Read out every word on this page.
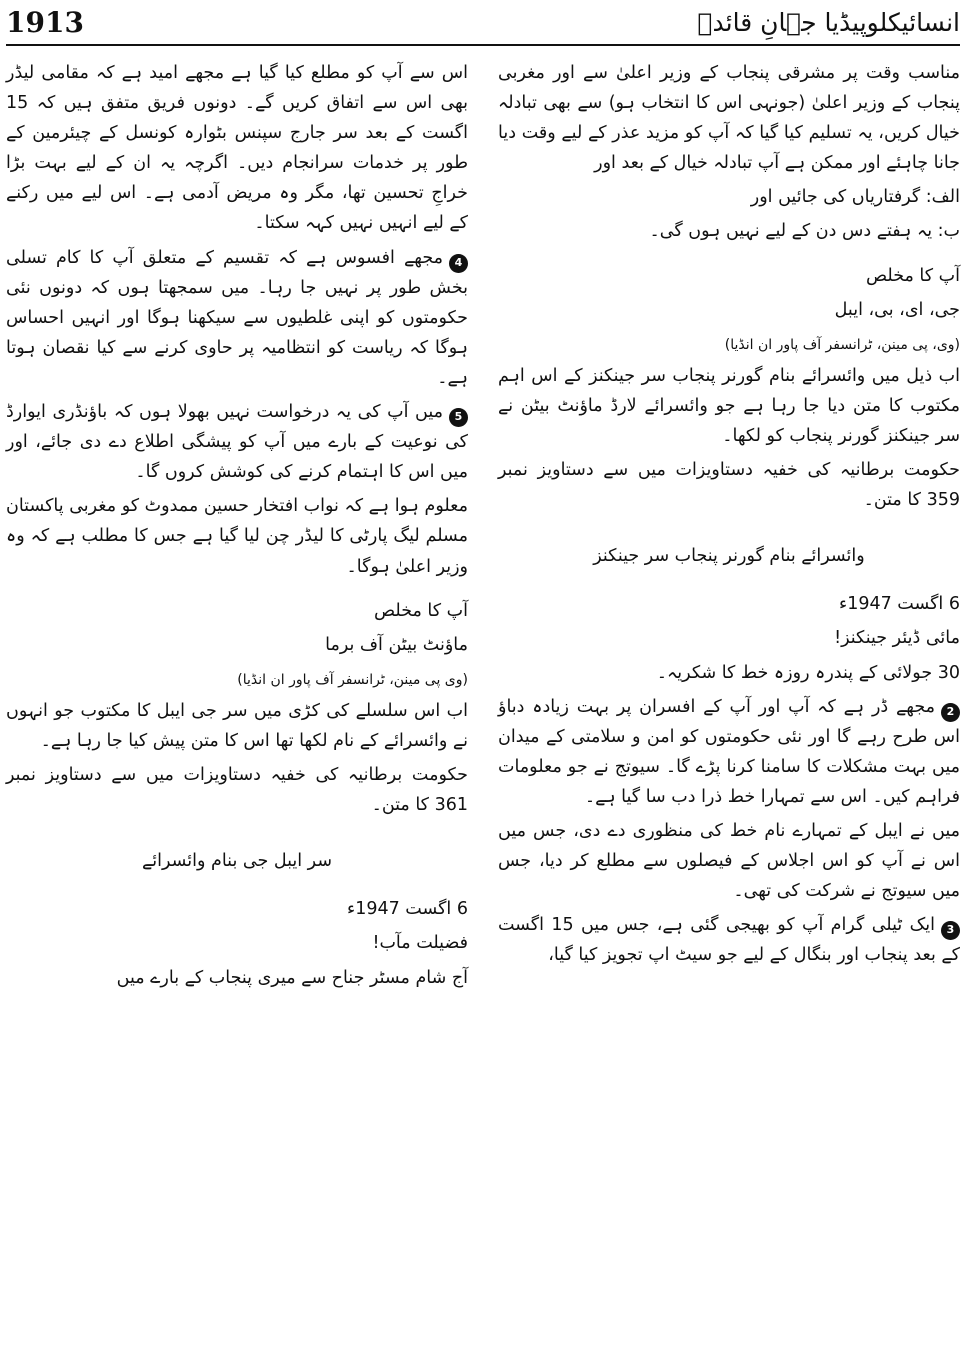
1913	انسائیکلوپیڈیا جہانِ قائدؒ

مناسب وقت پر مشرقی پنجاب کے وزیر اعلیٰ سے اور مغربی پنجاب کے وزیر اعلیٰ (جونہی اس کا انتخاب ہو) سے بھی تبادلہ خیال کریں، یہ تسلیم کیا گیا کہ آپ کو مزید عذر کے لیے وقت دیا جانا چاہئے اور ممکن ہے آپ تبادلہ خیال کے بعد اور

الف: گرفتاریاں کی جائیں اور

ب: یہ ہفتے دس دن کے لیے نہیں ہوں گی۔

آپ کا مخلص

جی، ای، بی، ایبل

(وی، پی مینن، ٹرانسفر آف پاور ان انڈیا)

اب ذیل میں وائسرائے بنام گورنر پنجاب سر جینکنز کے اس اہم مکتوب کا متن دیا جا رہا ہے جو وائسرائے لارڈ ماؤنٹ بیٹن نے سر جینکنز گورنر پنجاب کو لکھا۔

حکومت برطانیہ کی خفیہ دستاویزات میں سے دستاویز نمبر 359 کا متن۔

وائسرائے بنام گورنر پنجاب سر جینکنز

6 اگست 1947ء

مائی ڈیئر جینکنز!

30 جولائی کے پندرہ روزہ خط کا شکریہ۔

2مجھے ڈر ہے کہ آپ اور آپ کے افسران پر بہت زیادہ دباؤ اس طرح رہے گا اور نئی حکومتوں کو امن و سلامتی کے میدان میں بہت مشکلات کا سامنا کرنا پڑے گا۔ سیوتج نے جو معلومات فراہم کیں۔ اس سے تمہارا خط ذرا دب سا گیا ہے۔

میں نے ایبل کے تمہارے نام خط کی منظوری دے دی، جس میں اس نے آپ کو اس اجلاس کے فیصلوں سے مطلع کر دیا، جس میں سیوتج نے شرکت کی تھی۔

3ایک ٹیلی گرام آپ کو بھیجی گئی ہے، جس میں 15 اگست کے بعد پنجاب اور بنگال کے لیے جو سیٹ اپ تجویز کیا گیا،

اس سے آپ کو مطلع کیا گیا ہے مجھے امید ہے کہ مقامی لیڈر بھی اس سے اتفاق کریں گے۔ دونوں فریق متفق ہیں کہ 15 اگست کے بعد سر جارج سپنس بٹوارہ کونسل کے چیئرمین کے طور پر خدمات سرانجام دیں۔ اگرچہ یہ ان کے لیے بہت بڑا خراجِ تحسین تھا، مگر وہ مریض آدمی ہے۔ اس لیے میں رکنے کے لیے انہیں نہیں کہہ سکتا۔

4مجھے افسوس ہے کہ تقسیم کے متعلق آپ کا کام تسلی بخش طور پر نہیں جا رہا۔ میں سمجھتا ہوں کہ دونوں نئی حکومتوں کو اپنی غلطیوں سے سیکھنا ہوگا اور انہیں احساس ہوگا کہ ریاست کو انتظامیہ پر حاوی کرنے سے کیا نقصان ہوتا ہے۔

5میں آپ کی یہ درخواست نہیں بھولا ہوں کہ باؤنڈری ایوارڈ کی نوعیت کے بارے میں آپ کو پیشگی اطلاع دے دی جائے، اور میں اس کا اہتمام کرنے کی کوشش کروں گا۔

معلوم ہوا ہے کہ نواب افتخار حسین ممدوٹ کو مغربی پاکستان مسلم لیگ پارٹی کا لیڈر چن لیا گیا ہے جس کا مطلب ہے کہ وہ وزیر اعلیٰ ہوگا۔

آپ کا مخلص

ماؤنٹ بیٹن آف برما

(وی پی مینن، ٹرانسفر آف پاور ان انڈیا)

اب اس سلسلے کی کڑی میں سر جی ایبل کا مکتوب جو انہوں نے وائسرائے کے نام لکھا تھا اس کا متن پیش کیا جا رہا ہے۔

حکومت برطانیہ کی خفیہ دستاویزات میں سے دستاویز نمبر 361 کا متن۔

سر ایبل جی بنام وائسرائے

6 اگست 1947ء

فضیلت مآب!

آج شام مسٹر جناح سے میری پنجاب کے بارے میں
